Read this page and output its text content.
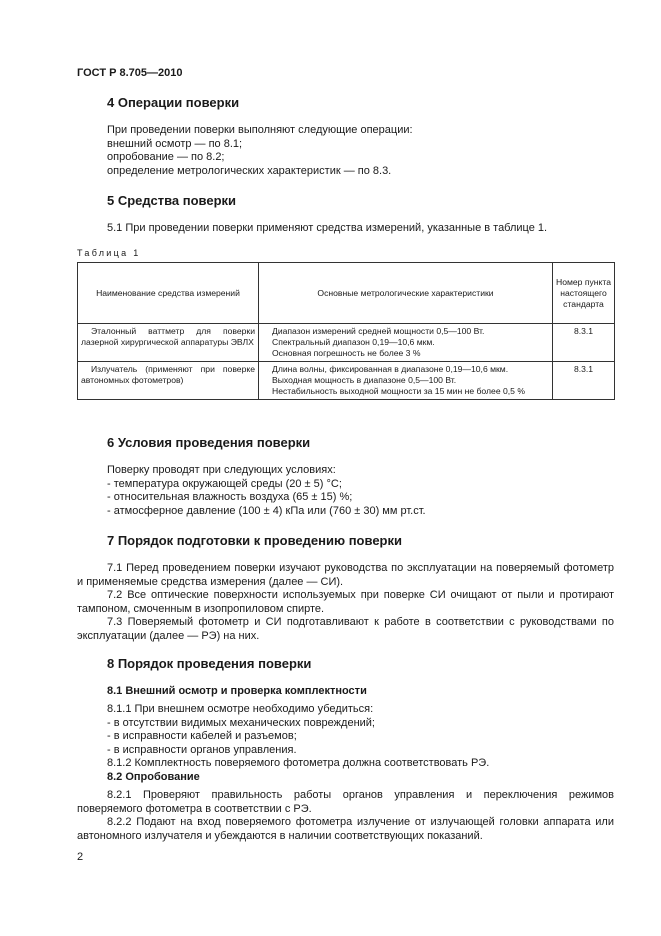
ГОСТ Р 8.705—2010
4 Операции поверки
При проведении поверки выполняют следующие операции:
внешний осмотр — по 8.1;
опробование — по 8.2;
определение метрологических характеристик — по 8.3.
5 Средства поверки
5.1 При проведении поверки применяют средства измерений, указанные в таблице 1.
Таблица 1
Наименование средства измерений	Основные метрологические характеристики	Номер пункта настоящего стандарта
Эталонный ваттметр для поверки лазерной хирургической аппаратуры ЭВЛХ	Диапазон измерений средней мощности 0,5—100 Вт.
Спектральный диапазон 0,19—10,6 мкм.
Основная погрешность не более 3 %	8.3.1
Излучатель (применяют при поверке автономных фотометров)	Длина волны, фиксированная в диапазоне 0,19—10,6 мкм.
Выходная мощность в диапазоне 0,5—100 Вт.
Нестабильность выходной мощности за 15 мин не более 0,5 %	8.3.1
6 Условия проведения поверки
Поверку проводят при следующих условиях:
- температура окружающей среды (20 ± 5) °С;
- относительная влажность воздуха (65 ± 15) %;
- атмосферное давление (100 ± 4) кПа или (760 ± 30) мм рт.ст.
7 Порядок подготовки к проведению поверки
7.1 Перед проведением поверки изучают руководства по эксплуатации на поверяемый фотометр и применяемые средства измерения (далее — СИ).
7.2 Все оптические поверхности используемых при поверке СИ очищают от пыли и протирают тампоном, смоченным в изопропиловом спирте.
7.3 Поверяемый фотометр и СИ подготавливают к работе в соответствии с руководствами по эксплуатации (далее — РЭ) на них.
8 Порядок проведения поверки
8.1 Внешний осмотр и проверка комплектности
8.1.1 При внешнем осмотре необходимо убедиться:
- в отсутствии видимых механических повреждений;
- в исправности кабелей и разъемов;
- в исправности органов управления.
8.1.2 Комплектность поверяемого фотометра должна соответствовать РЭ.
8.2 Опробование
8.2.1 Проверяют правильность работы органов управления и переключения режимов поверяемого фотометра в соответствии с РЭ.
8.2.2 Подают на вход поверяемого фотометра излучение от излучающей головки аппарата или автономного излучателя и убеждаются в наличии соответствующих показаний.
2
